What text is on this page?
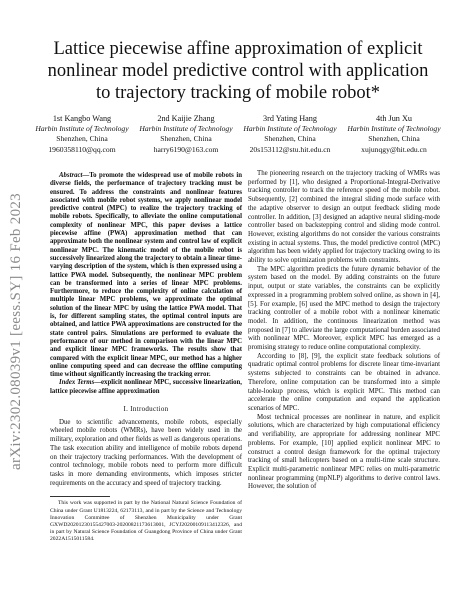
arXiv:2302.08039v1 [eess.SY] 16 Feb 2023
Lattice piecewise affine approximation of explicit nonlinear model predictive control with application to trajectory tracking of mobile robot*
1st Kangbo Wang
Harbin Institute of Technology
Shenzhen, China
1960358110@qq.com
2nd Kaijie Zhang
Harbin Institute of Technology
Shenzhen, China
harry6190@163.com
3rd Yating Hang
Harbin Institute of Technology
Shenzhen, China
20s153112@stu.hit.edu.cn
4th Jun Xu
Harbin Institute of Technology
Shenzhen, China
xujunqgy@hit.edu.cn

Abstract—To promote the widespread use of mobile robots in diverse fields, the performance of trajectory tracking must be ensured. To address the constraints and nonlinear features associated with mobile robot systems, we apply nonlinear model predictive control (MPC) to realize the trajectory tracking of mobile robots. Specifically, to alleviate the online computational complexity of nonlinear MPC, this paper devises a lattice piecewise affine (PWA) approximation method that can approximate both the nonlinear system and control law of explicit nonlinear MPC. The kinematic model of the mobile robot is successively linearized along the trajectory to obtain a linear time-varying description of the system, which is then expressed using a lattice PWA model. Subsequently, the nonlinear MPC problem can be transformed into a series of linear MPC problems. Furthermore, to reduce the complexity of online calculation of multiple linear MPC problems, we approximate the optimal solution of the linear MPC by using the lattice PWA model. That is, for different sampling states, the optimal control inputs are obtained, and lattice PWA approximations are constructed for the state control pairs. Simulations are performed to evaluate the performance of our method in comparison with the linear MPC and explicit linear MPC frameworks. The results show that compared with the explicit linear MPC, our method has a higher online computing speed and can decrease the offline computing time without significantly increasing the tracking error.

Index Terms—explicit nonlinear MPC, successive linearization, lattice piecewise affine approximation

I. Introduction

Due to scientific advancements, mobile robots, especially wheeled mobile robots (WMRs), have been widely used in the military, exploration and other fields as well as dangerous operations. The task execution ability and intelligence of mobile robots depend on their trajectory tracking performances. With the development of control technology, mobile robots need to perform more difficult tasks in more demanding environments, which imposes stricter requirements on the accuracy and speed of trajectory tracking.

This work was supported in part by the National Natural Science Foundation of China under Grant U1813224, 62173113, and in part by the Science and Technology Innovation Committee of Shenzhen Municipality under Grant GXWD20201230155427003-20200821173613001, JCYJ20200109113412326, and in part by Natural Science Foundation of Guangdong Province of China under Grant 2022A1515011584.

The pioneering research on the trajectory tracking of WMRs was performed by [1], who designed a Proportional-Integral-Derivative tracking controller to track the reference speed of the mobile robot. Subsequently, [2] combined the integral sliding mode surface with the adaptive observer to design an output feedback sliding mode controller. In addition, [3] designed an adaptive neural sliding-mode controller based on backstepping control and sliding mode control. However, existing algorithms do not consider the various constraints existing in actual systems. Thus, the model predictive control (MPC) algorithm has been widely applied for trajectory tracking owing to its ability to solve optimization problems with constraints.

The MPC algorithm predicts the future dynamic behavior of the system based on the model. By adding constraints on the future input, output or state variables, the constraints can be explicitly expressed in a programming problem solved online, as shown in [4], [5]. For example, [6] used the MPC method to design the trajectory tracking controller of a mobile robot with a nonlinear kinematic model. In addition, the continuous linearization method was proposed in [7] to alleviate the large computational burden associated with nonlinear MPC. Moreover, explicit MPC has emerged as a promising strategy to reduce online computational complexity.

According to [8], [9], the explicit state feedback solutions of quadratic optimal control problems for discrete linear time-invariant systems subjected to constraints can be obtained in advance. Therefore, online computation can be transformed into a simple table-lookup process, which is explicit MPC. This method can accelerate the online computation and expand the application scenarios of MPC.

Most technical processes are nonlinear in nature, and explicit solutions, which are characterized by high computational efficiency and verifiability, are appropriate for addressing nonlinear MPC problems. For example, [10] applied explicit nonlinear MPC to construct a control design framework for the optimal trajectory tracking of small helicopters based on a multi-time scale structure. Explicit multi-parametric nonlinear MPC relies on multi-parametric nonlinear programming (mpNLP) algorithms to derive control laws. However, the solution of
